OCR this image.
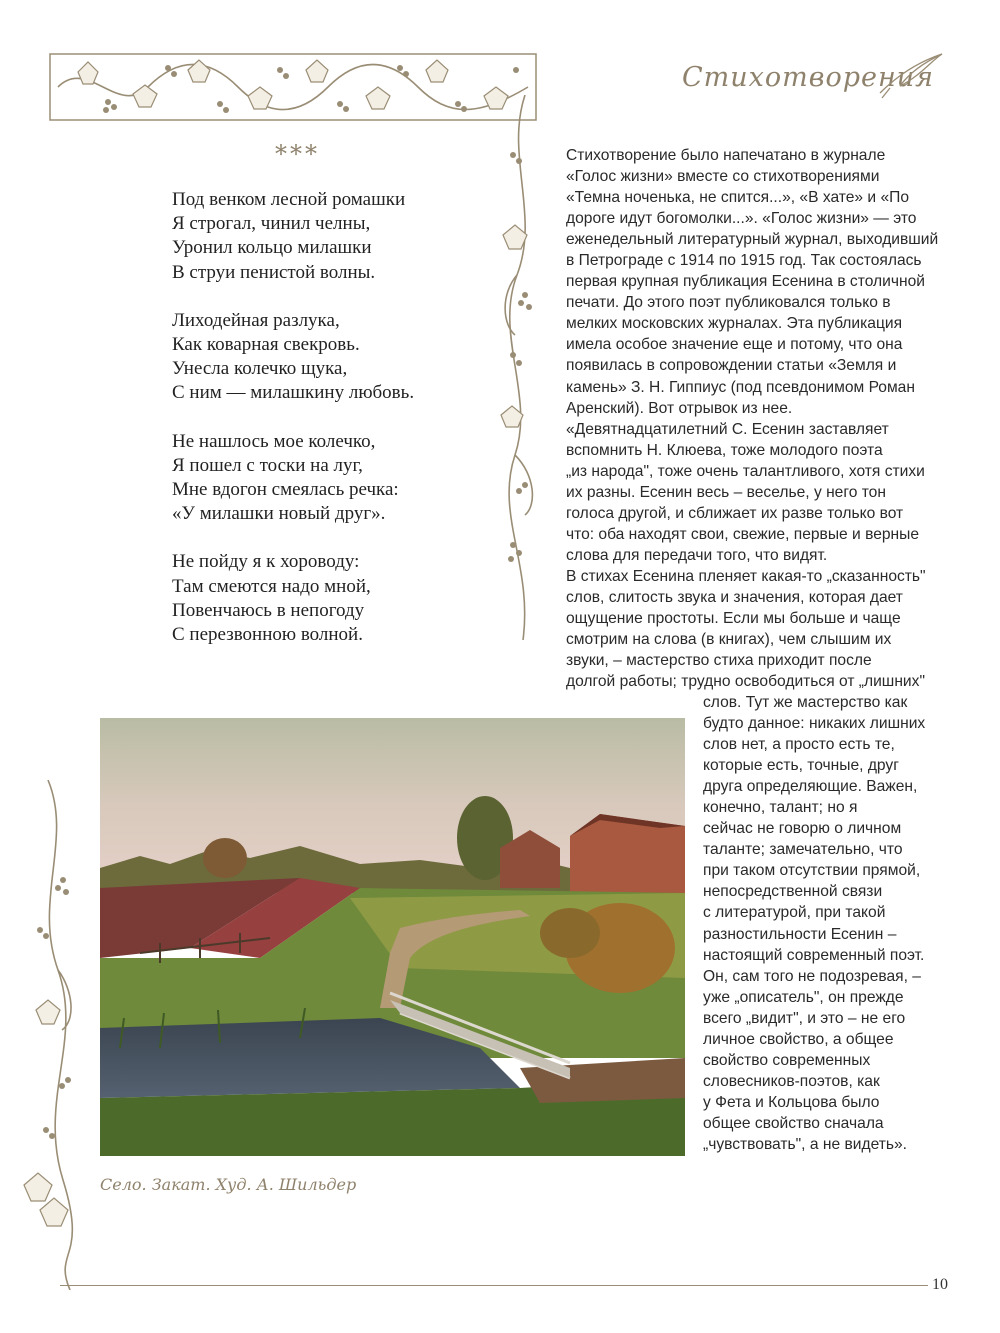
Стихотворения
***
Под венком лесной ромашки
Я строгал, чинил челны,
Уронил кольцо милашки
В струи пенистой волны.
Лиходейная разлука,
Как коварная свекровь.
Унесла колечко щука,
С ним — милашкину любовь.
Не нашлось мое колечко,
Я пошел с тоски на луг,
Мне вдогон смеялась речка:
«У милашки новый друг».
Не пойду я к хороводу:
Там смеются надо мной,
Повенчаюсь в непогоду
С перезвонною волной.
Стихотворение было напечатано в журнале
«Голос жизни» вместе со стихотворениями
«Темна ноченька, не спится...», «В хате» и «По
дороге идут богомолки...». «Голос жизни» — это
еженедельный литературный журнал, выходивший
в Петрограде с 1914 по 1915 год. Так состоялась
первая крупная публикация Есенина в столичной
печати. До этого поэт публиковался только в
мелких московских журналах. Эта публикация
имела особое значение еще и потому, что она
появилась в сопровождении статьи «Земля и
камень» З. Н. Гиппиус (под псевдонимом Роман
Аренский). Вот отрывок из нее.
«Девятнадцатилетний С. Есенин заставляет
вспомнить Н. Клюева, тоже молодого поэта
„из народа", тоже очень талантливого, хотя стихи
их разны. Есенин весь – веселье, у него тон
голоса другой, и сближает их разве только вот
что: оба находят свои, свежие, первые и верные
слова для передачи того, что видят.
В стихах Есенина пленяет какая-то „сказанность"
слов, слитость звука и значения, которая дает
ощущение простоты. Если мы больше и чаще
смотрим на слова (в книгах), чем слышим их
звуки, – мастерство стиха приходит после
долгой работы; трудно освободиться от „лишних"
слов. Тут же мастерство как
будто данное: никаких лишних
слов нет, а просто есть те,
которые есть, точные, друг
друга определяющие. Важен,
конечно, талант; но я
сейчас не говорю о личном
таланте; замечательно, что
при таком отсутствии прямой,
непосредственной связи
с литературой, при такой
разностильности Есенин –
настоящий современный поэт.
Он, сам того не подозревая, –
уже „описатель", он прежде
всего „видит", и это – не его
личное свойство, а общее
свойство современных
словесников-поэтов, как
у Фета и Кольцова было
общее свойство сначала
„чувствовать", а не видеть».
Село. Закат. Худ. А. Шильдер
10
